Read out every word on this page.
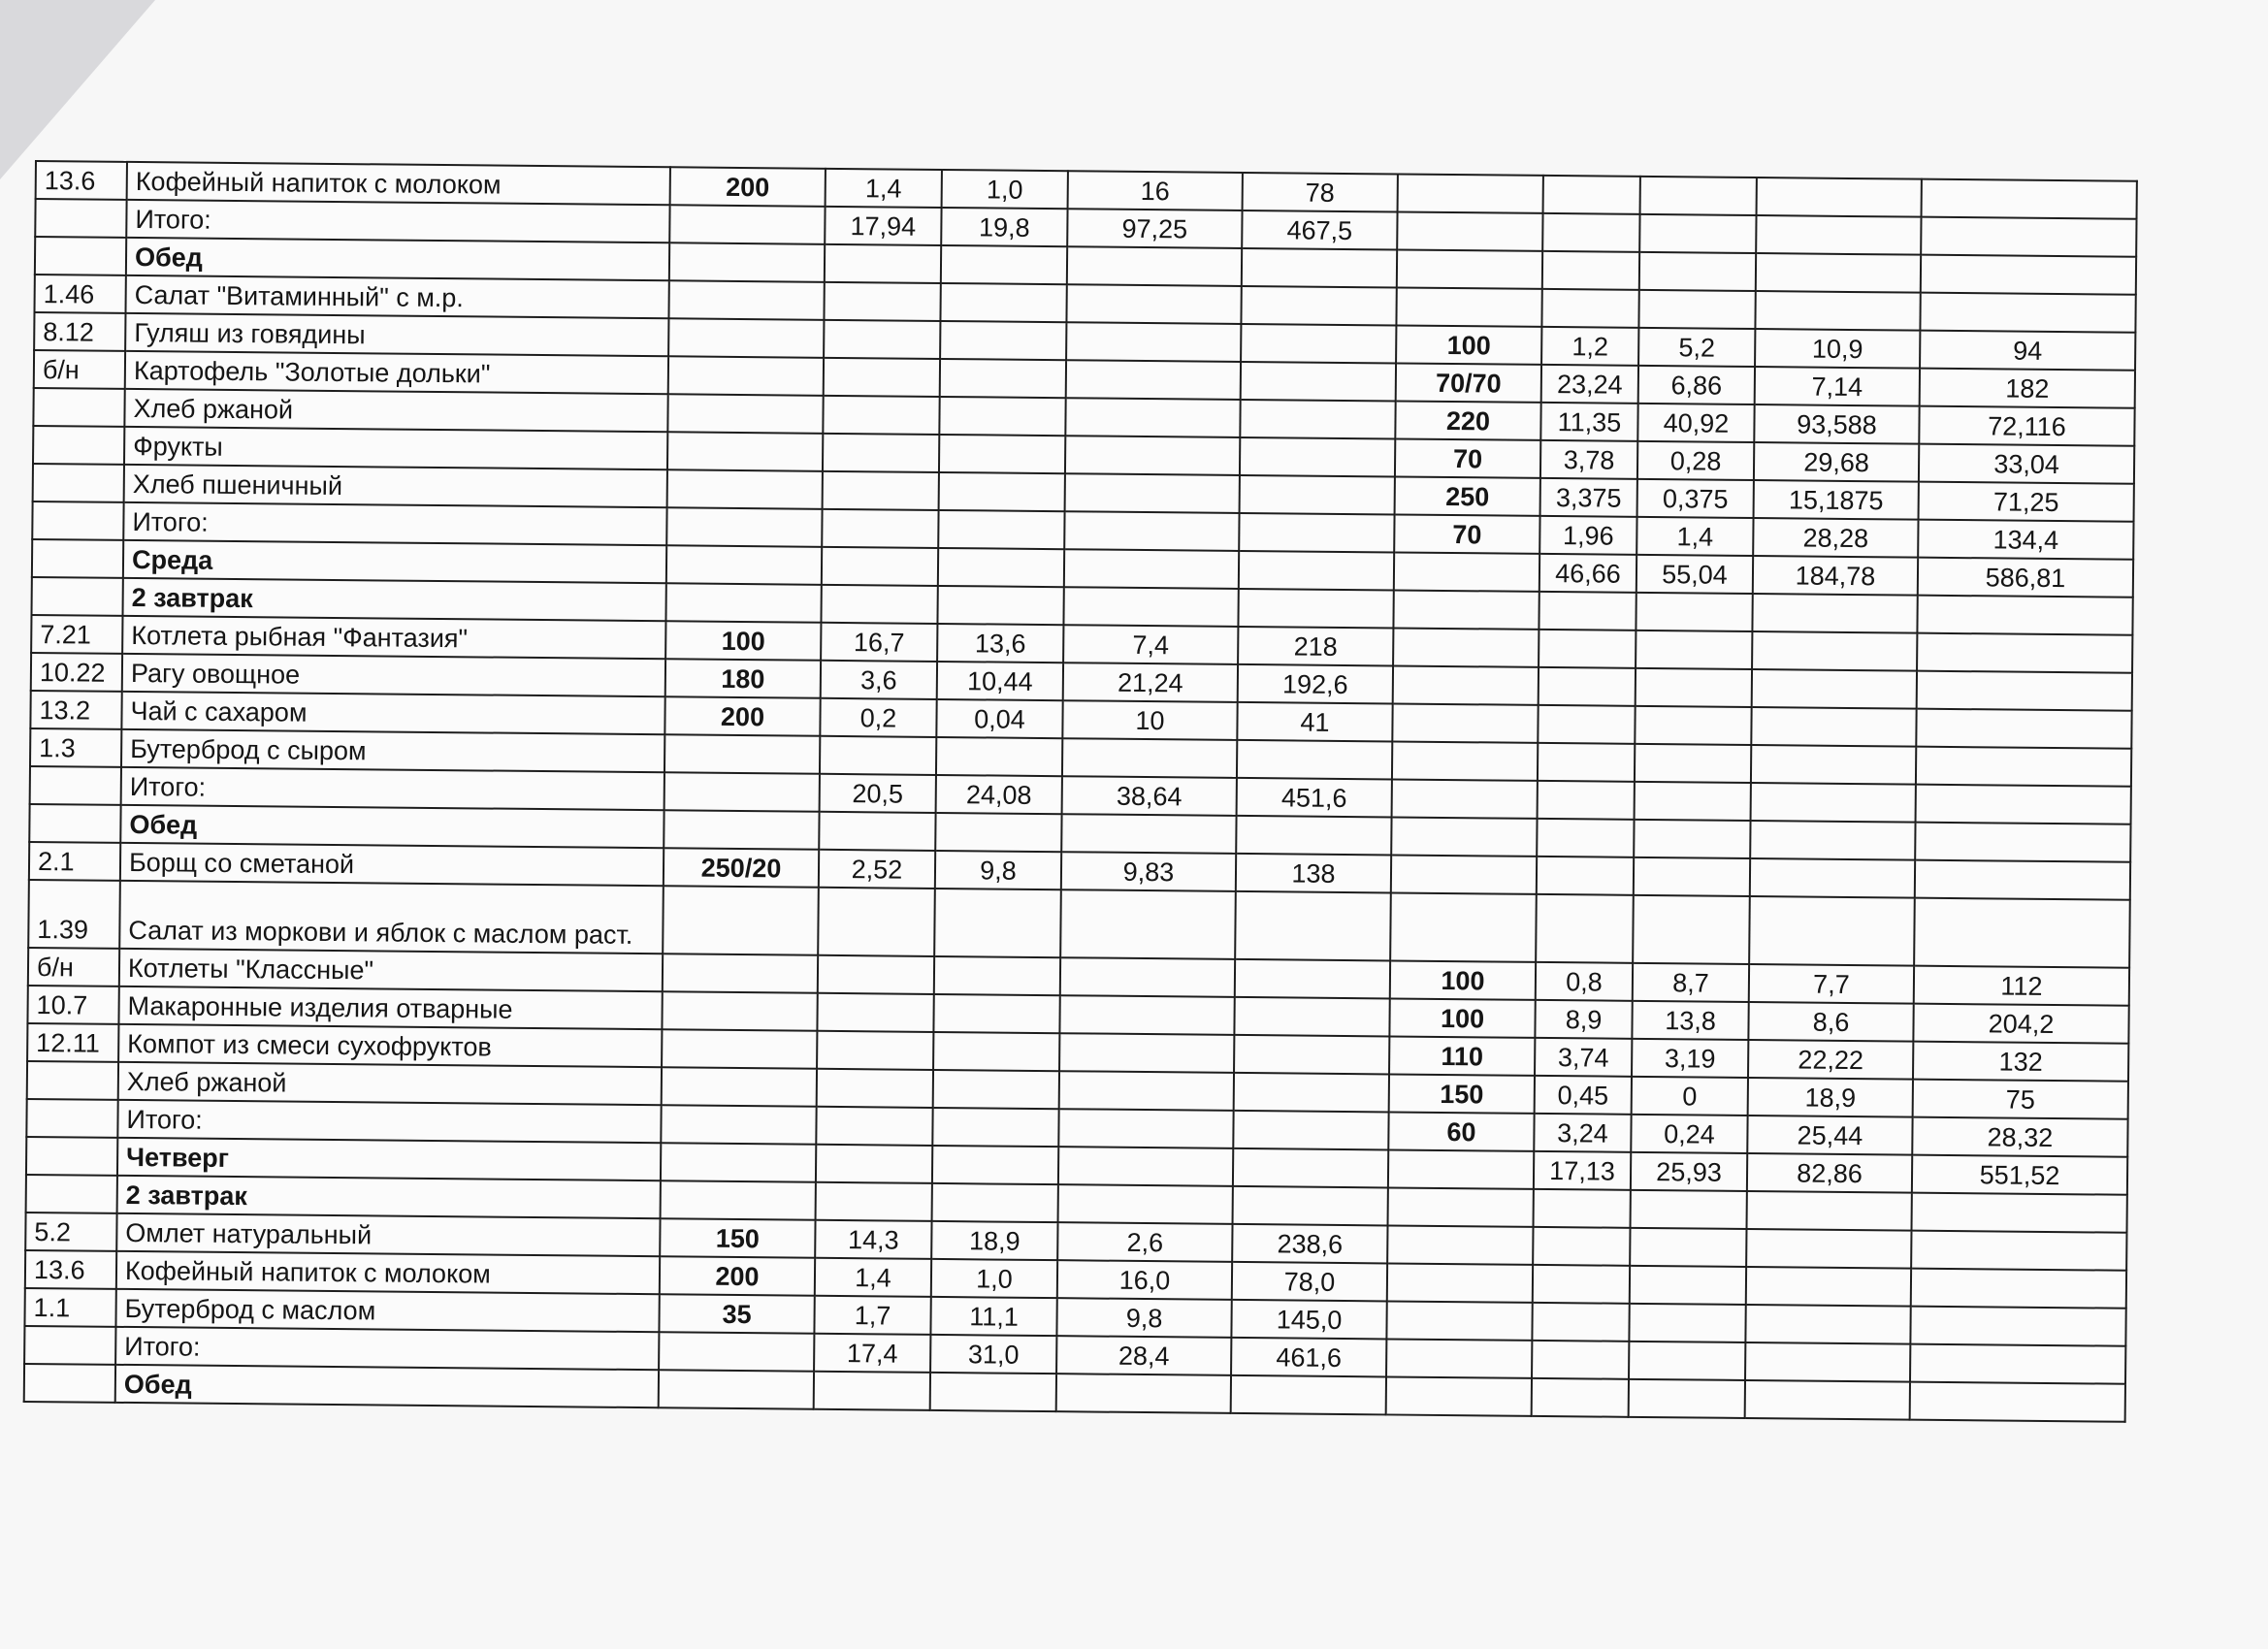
13.6	Кофейный напиток с молоком	200	1,4	1,0	16	78					
	Итого:		17,94	19,8	97,25	467,5					
	Обед										
1.46	Салат "Витаминный" с м.р.										
8.12	Гуляш из говядины						100	1,2	5,2	10,9	94
б/н	Картофель "Золотые дольки"						70/70	23,24	6,86	7,14	182
	Хлеб ржаной						220	11,35	40,92	93,588	72,116
	Фрукты						70	3,78	0,28	29,68	33,04
	Хлеб пшеничный						250	3,375	0,375	15,1875	71,25
	Итого:						70	1,96	1,4	28,28	134,4
	Среда							46,66	55,04	184,78	586,81
	2 завтрак										
7.21	Котлета рыбная "Фантазия"	100	16,7	13,6	7,4	218					
10.22	Рагу овощное	180	3,6	10,44	21,24	192,6					
13.2	Чай с сахаром	200	0,2	0,04	10	41					
1.3	Бутерброд с сыром										
	Итого:		20,5	24,08	38,64	451,6					
	Обед										
2.1	Борщ со сметаной	250/20	2,52	9,8	9,83	138					
1.39	Салат из моркови и яблок с маслом раст.										
б/н	Котлеты "Классные"						100	0,8	8,7	7,7	112
10.7	Макаронные изделия отварные						100	8,9	13,8	8,6	204,2
12.11	Компот из смеси сухофруктов						110	3,74	3,19	22,22	132
	Хлеб ржаной						150	0,45	0	18,9	75
	Итого:						60	3,24	0,24	25,44	28,32
	Четверг							17,13	25,93	82,86	551,52
	2 завтрак										
5.2	Омлет натуральный	150	14,3	18,9	2,6	238,6					
13.6	Кофейный напиток с молоком	200	1,4	1,0	16,0	78,0					
1.1	Бутерброд с маслом	35	1,7	11,1	9,8	145,0					
	Итого:		17,4	31,0	28,4	461,6					
	Обед										
